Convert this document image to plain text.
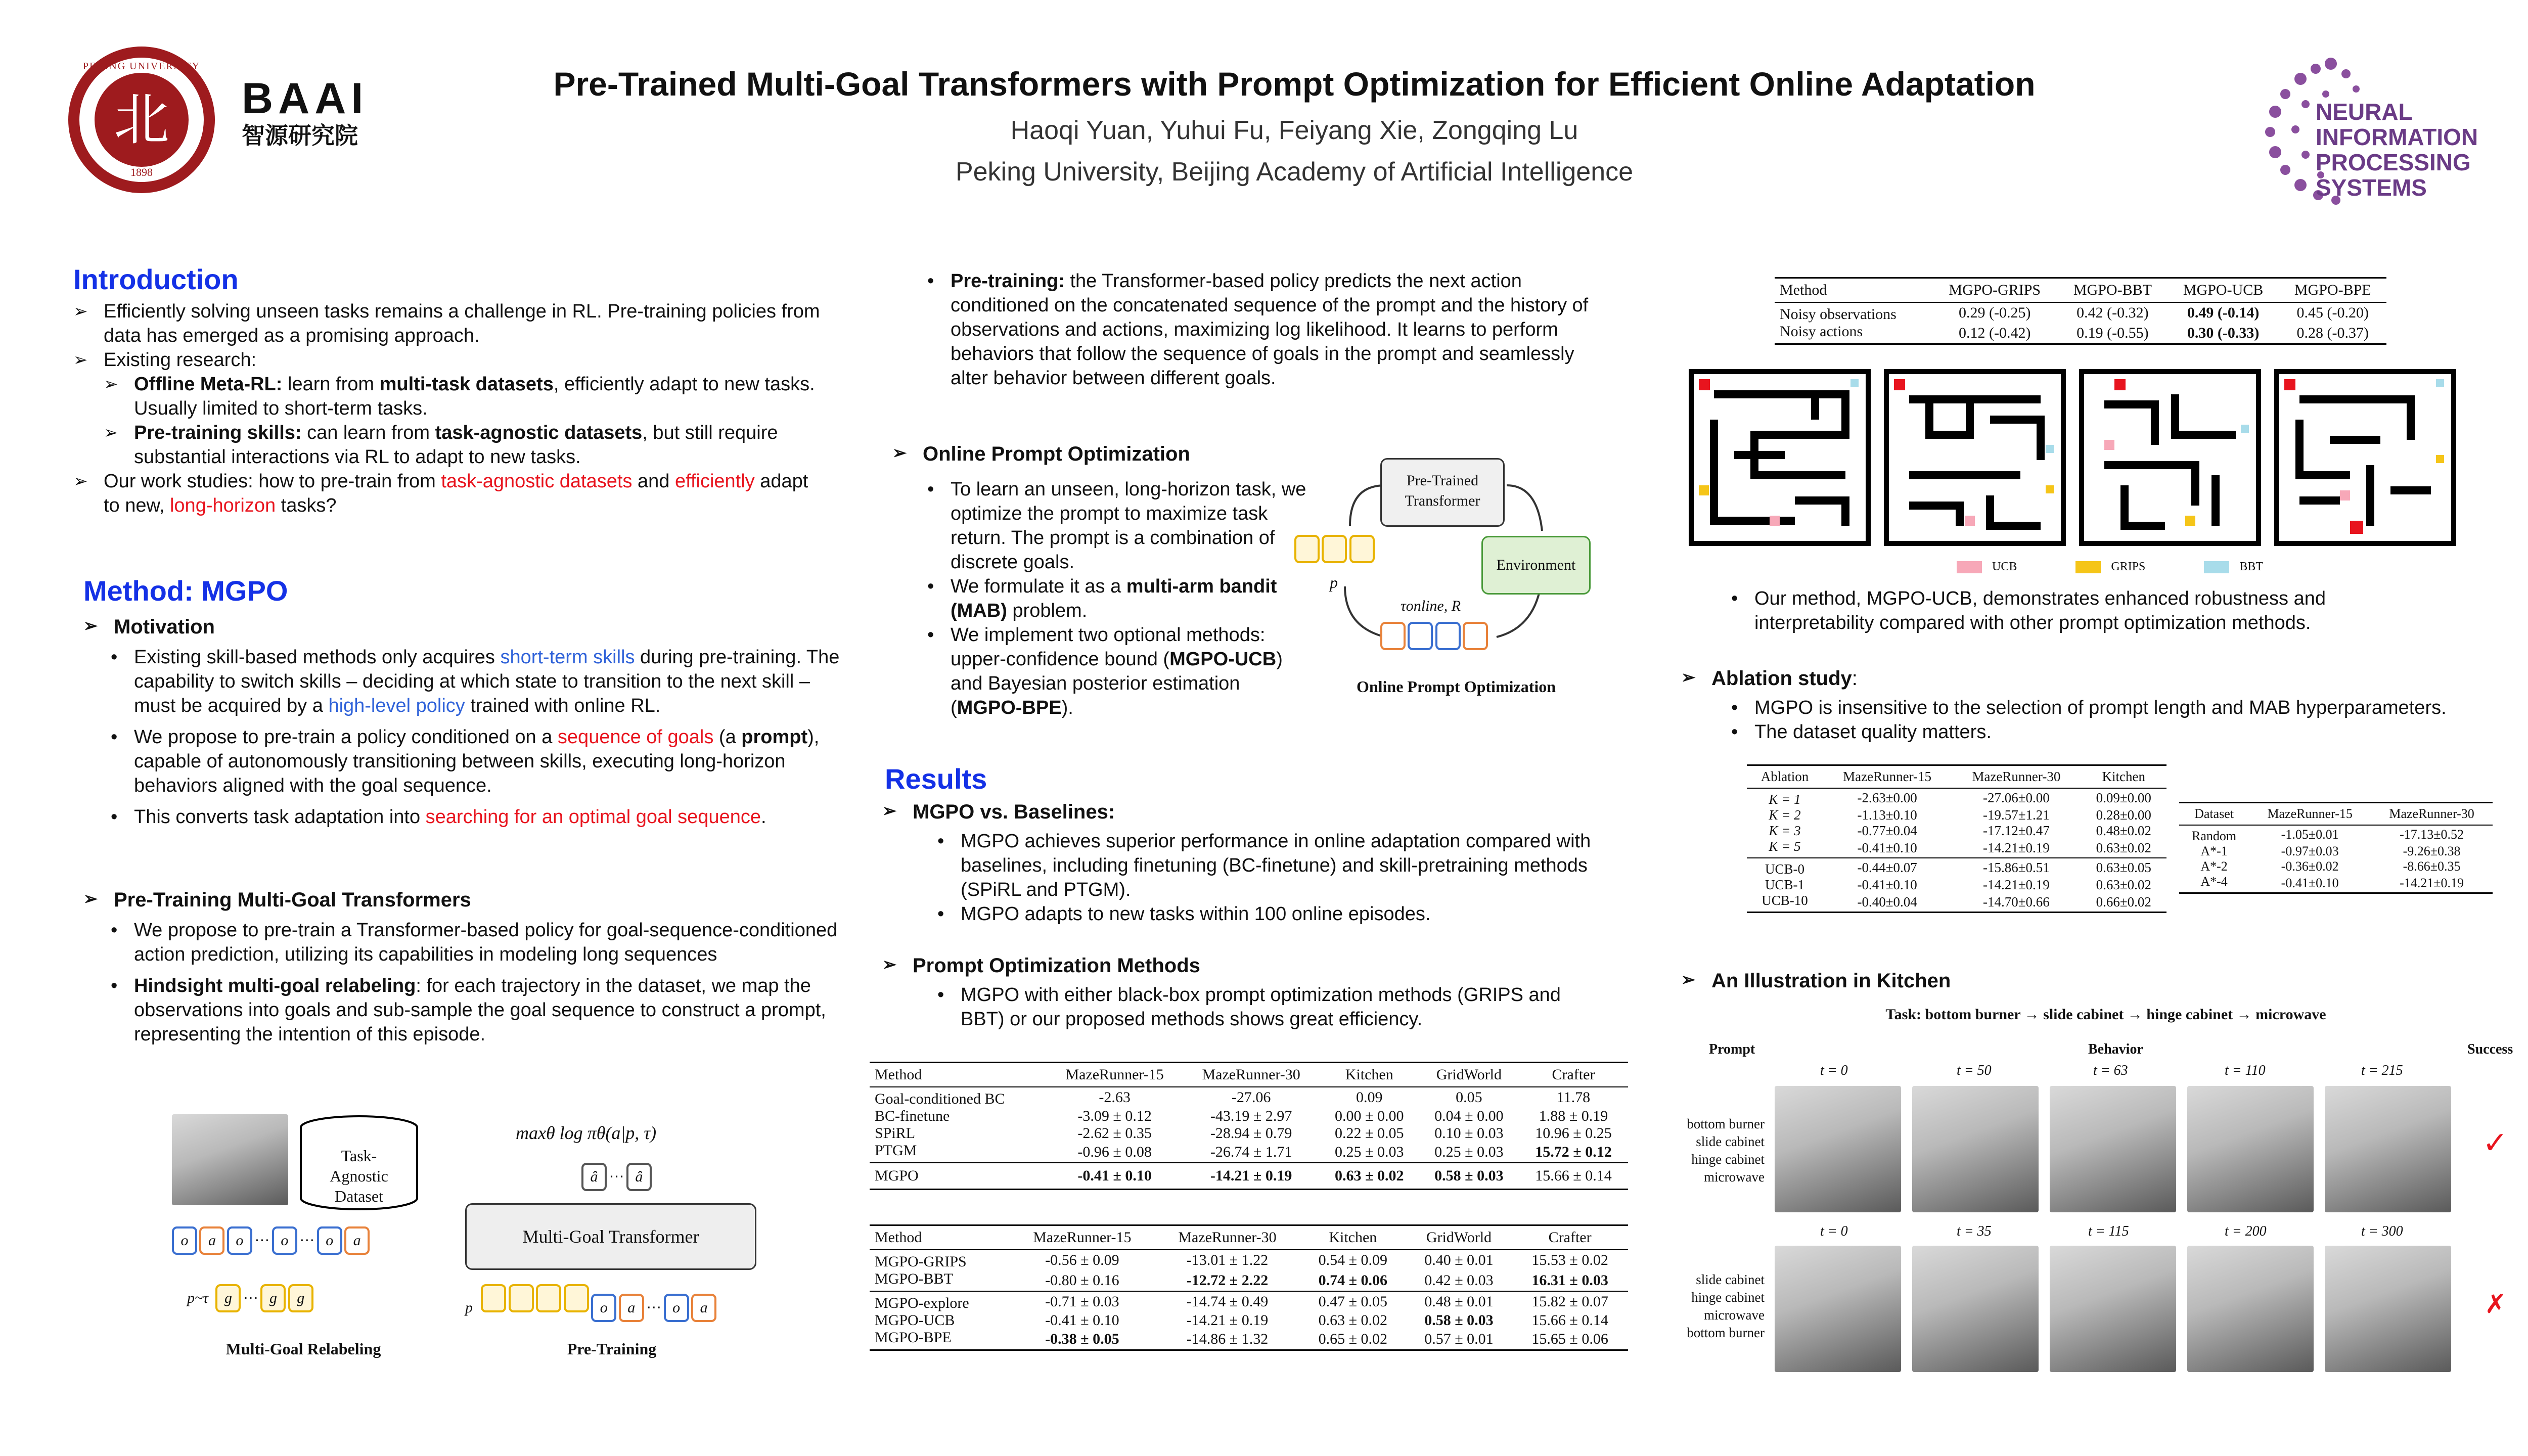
北
1898
PEKING UNIVERSITY
BAAI
智源研究院
Pre-Trained Multi-Goal Transformers with Prompt Optimization for Efficient Online Adaptation
Haoqi Yuan, Yuhui Fu, Feiyang Xie, Zongqing Lu
Peking University, Beijing Academy of Artificial Intelligence
NEURAL
INFORMATION
PROCESSING
SYSTEMS
Introduction
➢ Efficiently solving unseen tasks remains a challenge in RL. Pre-training policies from data has emerged as a promising approach.
➢ Existing research:
➢ Offline Meta-RL: learn from multi-task datasets, efficiently adapt to new tasks. Usually limited to short-term tasks.
➢ Pre-training skills: can learn from task-agnostic datasets, but still require substantial interactions via RL to adapt to new tasks.
➢ Our work studies: how to pre-train from task-agnostic datasets and efficiently adapt to new, long-horizon tasks?
Method: MGPO
➢ Motivation
• Existing skill-based methods only acquires short-term skills during pre-training. The capability to switch skills – deciding at which state to transition to the next skill – must be acquired by a high-level policy trained with online RL.
• We propose to pre-train a policy conditioned on a sequence of goals (a prompt), capable of autonomously transitioning between skills, executing long-horizon behaviors aligned with the goal sequence.
• This converts task adaptation into searching for an optimal goal sequence.
➢ Pre-Training Multi-Goal Transformers
• We propose to pre-train a Transformer-based policy for goal-sequence-conditioned action prediction, utilizing its capabilities in modeling long sequences
• Hindsight multi-goal relabeling: for each trajectory in the dataset, we map the observations into goals and sub-sample the goal sequence to construct a prompt, representing the intention of this episode.
Task-Agnostic Dataset
o a o ⋯ o ⋯ o a
p~τ g ⋯ g g
Multi-Goal Relabeling
maxθ log πθ(a|p, τ)
â ⋯ â
Multi-Goal Transformer
p	o a ⋯ o a
Pre-Training
• Pre-training: the Transformer-based policy predicts the next action conditioned on the concatenated sequence of the prompt and the history of observations and actions, maximizing log likelihood. It learns to perform behaviors that follow the sequence of goals in the prompt and seamlessly alter behavior between different goals.
➢ Online Prompt Optimization
• To learn an unseen, long-horizon task, we optimize the prompt to maximize task return. The prompt is a combination of discrete goals.
• We formulate it as a multi-arm bandit (MAB) problem.
• We implement two optional methods: upper-confidence bound (MGPO-UCB) and Bayesian posterior estimation (MGPO-BPE).
Pre-Trained Transformer
Environment

p
τonline, R

Online Prompt Optimization
Results
➢ MGPO vs. Baselines:
• MGPO achieves superior performance in online adaptation compared with baselines, including finetuning (BC-finetune) and skill-pretraining methods (SPiRL and PTGM).
• MGPO adapts to new tasks within 100 online episodes.
➢ Prompt Optimization Methods
• MGPO with either black-box prompt optimization methods (GRIPS and BBT) or our proposed methods shows great efficiency.
Method	MazeRunner-15	MazeRunner-30	Kitchen	GridWorld	Crafter
Goal-conditioned BC	-2.63	-27.06	0.09	0.05	11.78
BC-finetune	-3.09 ± 0.12	-43.19 ± 2.97	0.00 ± 0.00	0.04 ± 0.00	1.88 ± 0.19
SPiRL	-2.62 ± 0.35	-28.94 ± 0.79	0.22 ± 0.05	0.10 ± 0.03	10.96 ± 0.25
PTGM	-0.96 ± 0.08	-26.74 ± 1.71	0.25 ± 0.03	0.25 ± 0.03	15.72 ± 0.12
MGPO	-0.41 ± 0.10	-14.21 ± 0.19	0.63 ± 0.02	0.58 ± 0.03	15.66 ± 0.14
Method	MazeRunner-15	MazeRunner-30	Kitchen	GridWorld	Crafter
MGPO-GRIPS	-0.56 ± 0.09	-13.01 ± 1.22	0.54 ± 0.09	0.40 ± 0.01	15.53 ± 0.02
MGPO-BBT	-0.80 ± 0.16	-12.72 ± 2.22	0.74 ± 0.06	0.42 ± 0.03	16.31 ± 0.03
MGPO-explore	-0.71 ± 0.03	-14.74 ± 0.49	0.47 ± 0.05	0.48 ± 0.01	15.82 ± 0.07
MGPO-UCB	-0.41 ± 0.10	-14.21 ± 0.19	0.63 ± 0.02	0.58 ± 0.03	15.66 ± 0.14
MGPO-BPE	-0.38 ± 0.05	-14.86 ± 1.32	0.65 ± 0.02	0.57 ± 0.01	15.65 ± 0.06
Method	MGPO-GRIPS	MGPO-BBT	MGPO-UCB	MGPO-BPE
Noisy observations	0.29 (-0.25)	0.42 (-0.32)	0.49 (-0.14)	0.45 (-0.20)
Noisy actions	0.12 (-0.42)	0.19 (-0.55)	0.30 (-0.33)	0.28 (-0.37)
UCB	GRIPS	BBT
• Our method, MGPO-UCB, demonstrates enhanced robustness and interpretability compared with other prompt optimization methods.
➢ Ablation study:
• MGPO is insensitive to the selection of prompt length and MAB hyperparameters.
• The dataset quality matters.
Ablation	MazeRunner-15	MazeRunner-30	Kitchen
K = 1	-2.63±0.00	-27.06±0.00	0.09±0.00
K = 2	-1.13±0.10	-19.57±1.21	0.28±0.00
K = 3	-0.77±0.04	-17.12±0.47	0.48±0.02
K = 5	-0.41±0.10	-14.21±0.19	0.63±0.02
UCB-0	-0.44±0.07	-15.86±0.51	0.63±0.05
UCB-1	-0.41±0.10	-14.21±0.19	0.63±0.02
UCB-10	-0.40±0.04	-14.70±0.66	0.66±0.02
Dataset	MazeRunner-15	MazeRunner-30
Random	-1.05±0.01	-17.13±0.52
A*-1	-0.97±0.03	-9.26±0.38
A*-2	-0.36±0.02	-8.66±0.35
A*-4	-0.41±0.10	-14.21±0.19
➢ An Illustration in Kitchen
Task: bottom burner → slide cabinet → hinge cabinet → microwave
Prompt	Behavior	Success
bottom burner
slide cabinet
hinge cabinet
microwave
t = 0	t = 50	t = 63	t = 110	t = 215
✓
slide cabinet
hinge cabinet
microwave
bottom burner
t = 0	t = 35	t = 115	t = 200	t = 300
✗
